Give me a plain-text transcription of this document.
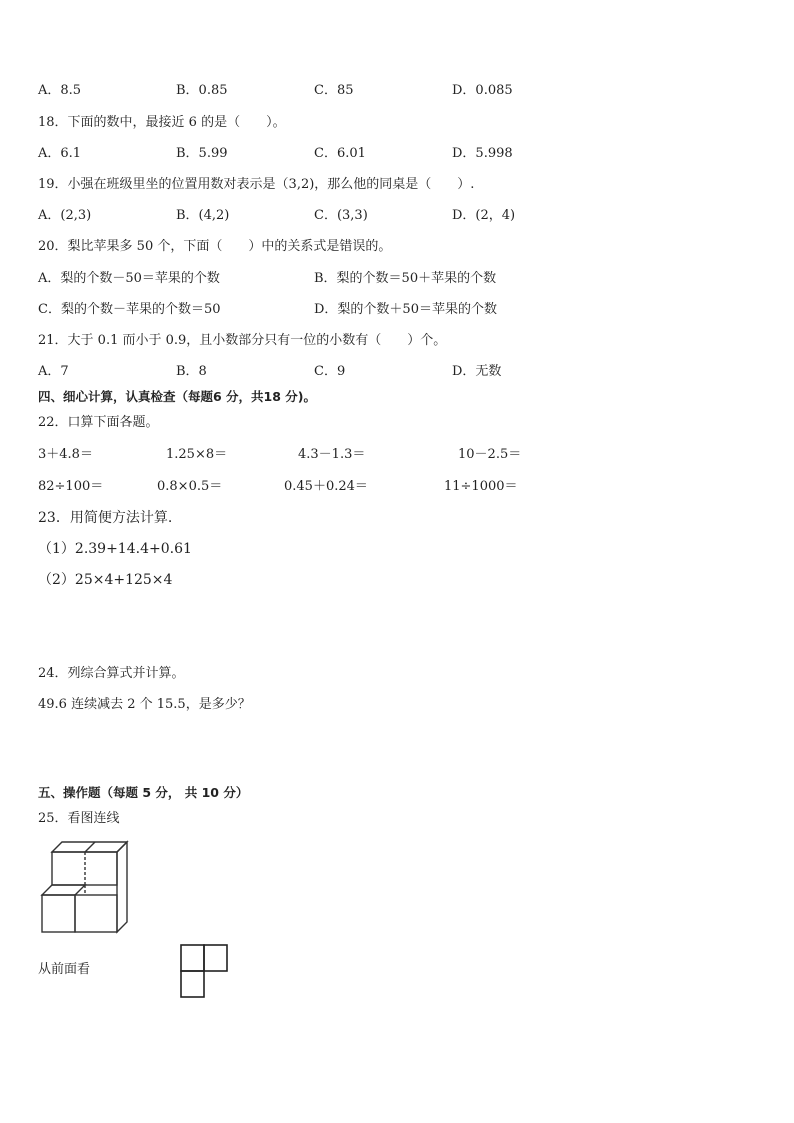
A．8.5	B．0.85	C．85	D．0.085
18．下面的数中，最接近 6 的是（　　）。
A．6.1	B．5.99	C．6.01	D．5.998
19．小强在班级里坐的位置用数对表示是（3,2)，那么他的同桌是（　　）.
A．(2,3)	B．(4,2)	C．(3,3)	D．(2，4)
20．梨比苹果多 50 个，下面（　　）中的关系式是错误的。
A．梨的个数－50＝苹果的个数	B．梨的个数＝50＋苹果的个数
C．梨的个数－苹果的个数＝50	D．梨的个数＋50＝苹果的个数
21．大于 0.1 而小于 0.9，且小数部分只有一位的小数有（　　）个。
A．7	B．8	C．9	D．无数
四、细心计算，认真检查（每题6 分，共18 分)。
22．口算下面各题。
3＋4.8＝	1.25×8＝	4.3－1.3＝	10－2.5＝
82÷100＝	0.8×0.5＝	0.45＋0.24＝	11÷1000＝
23．用简便方法计算.
（1）2.39+14.4+0.61
（2）25×4+125×4
24．列综合算式并计算。
49.6 连续减去 2 个 15.5，是多少？
五、操作题（每题 5 分， 共 10 分）
25．看图连线
从前面看
